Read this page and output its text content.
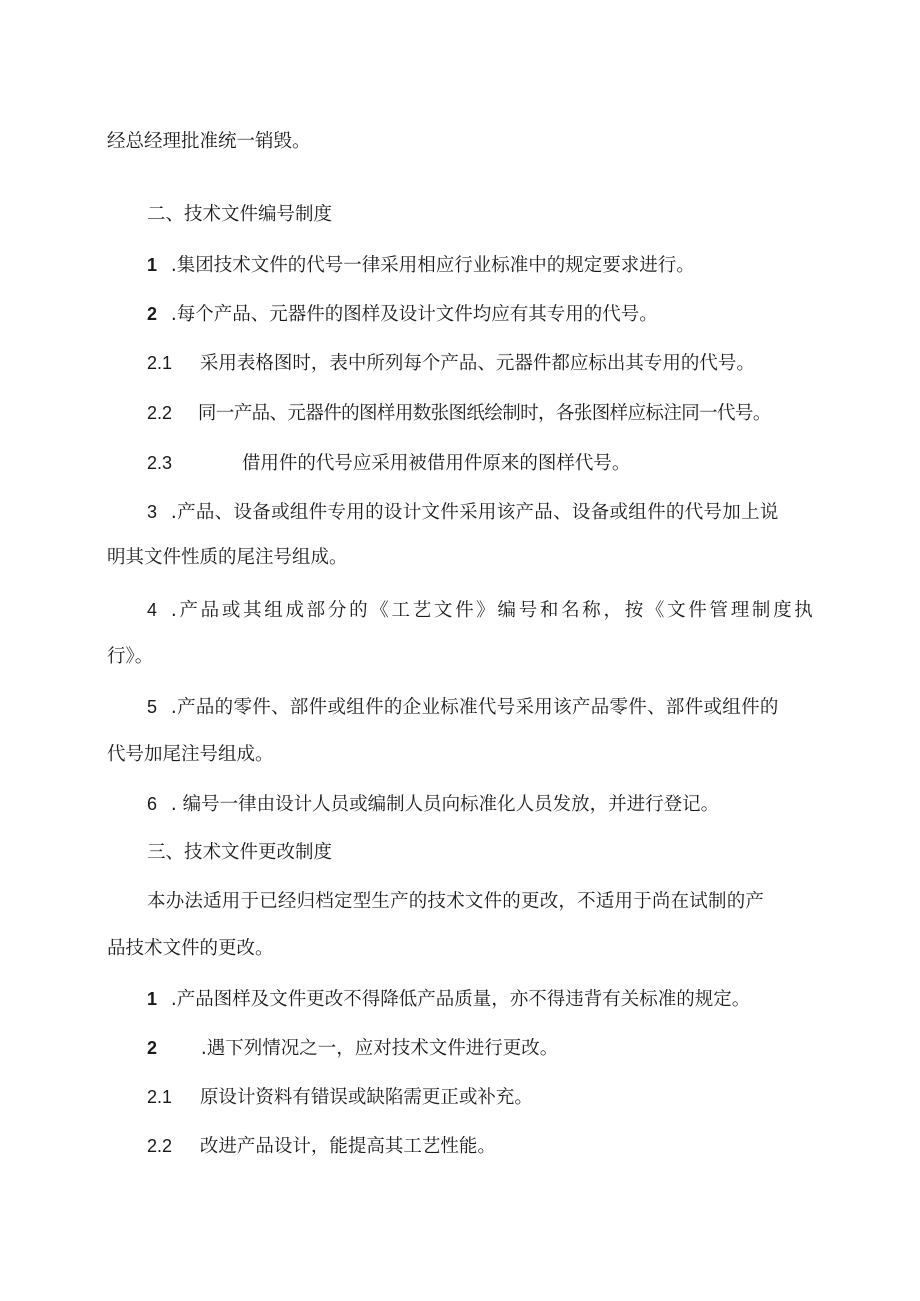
经总经理批准统一销毁。
二、技术文件编号制度
1 .集团技术文件的代号一律采用相应行业标准中的规定要求进行。
2 .每个产品、元器件的图样及设计文件均应有其专用的代号。
2.1 采用表格图时，表中所列每个产品、元器件都应标出其专用的代号。
2.2 同一产品、元器件的图样用数张图纸绘制时，各张图样应标注同一代号。
2.3	借用件的代号应采用被借用件原来的图样代号。
3 .产品、设备或组件专用的设计文件采用该产品、设备或组件的代号加上说
明其文件性质的尾注号组成。
4 .产品或其组成部分的《工艺文件》编号和名称，按《文件管理制度执
行》。
5 .产品的零件、部件或组件的企业标准代号采用该产品零件、部件或组件的
代号加尾注号组成。
6 . 编号一律由设计人员或编制人员向标准化人员发放，并进行登记。
三、技术文件更改制度
本办法适用于已经归档定型生产的技术文件的更改，不适用于尚在试制的产
品技术文件的更改。
1 .产品图样及文件更改不得降低产品质量，亦不得违背有关标准的规定。
2 .遇下列情况之一，应对技术文件进行更改。
2.1 原设计资料有错误或缺陷需更正或补充。
2.2 改进产品设计，能提高其工艺性能。
